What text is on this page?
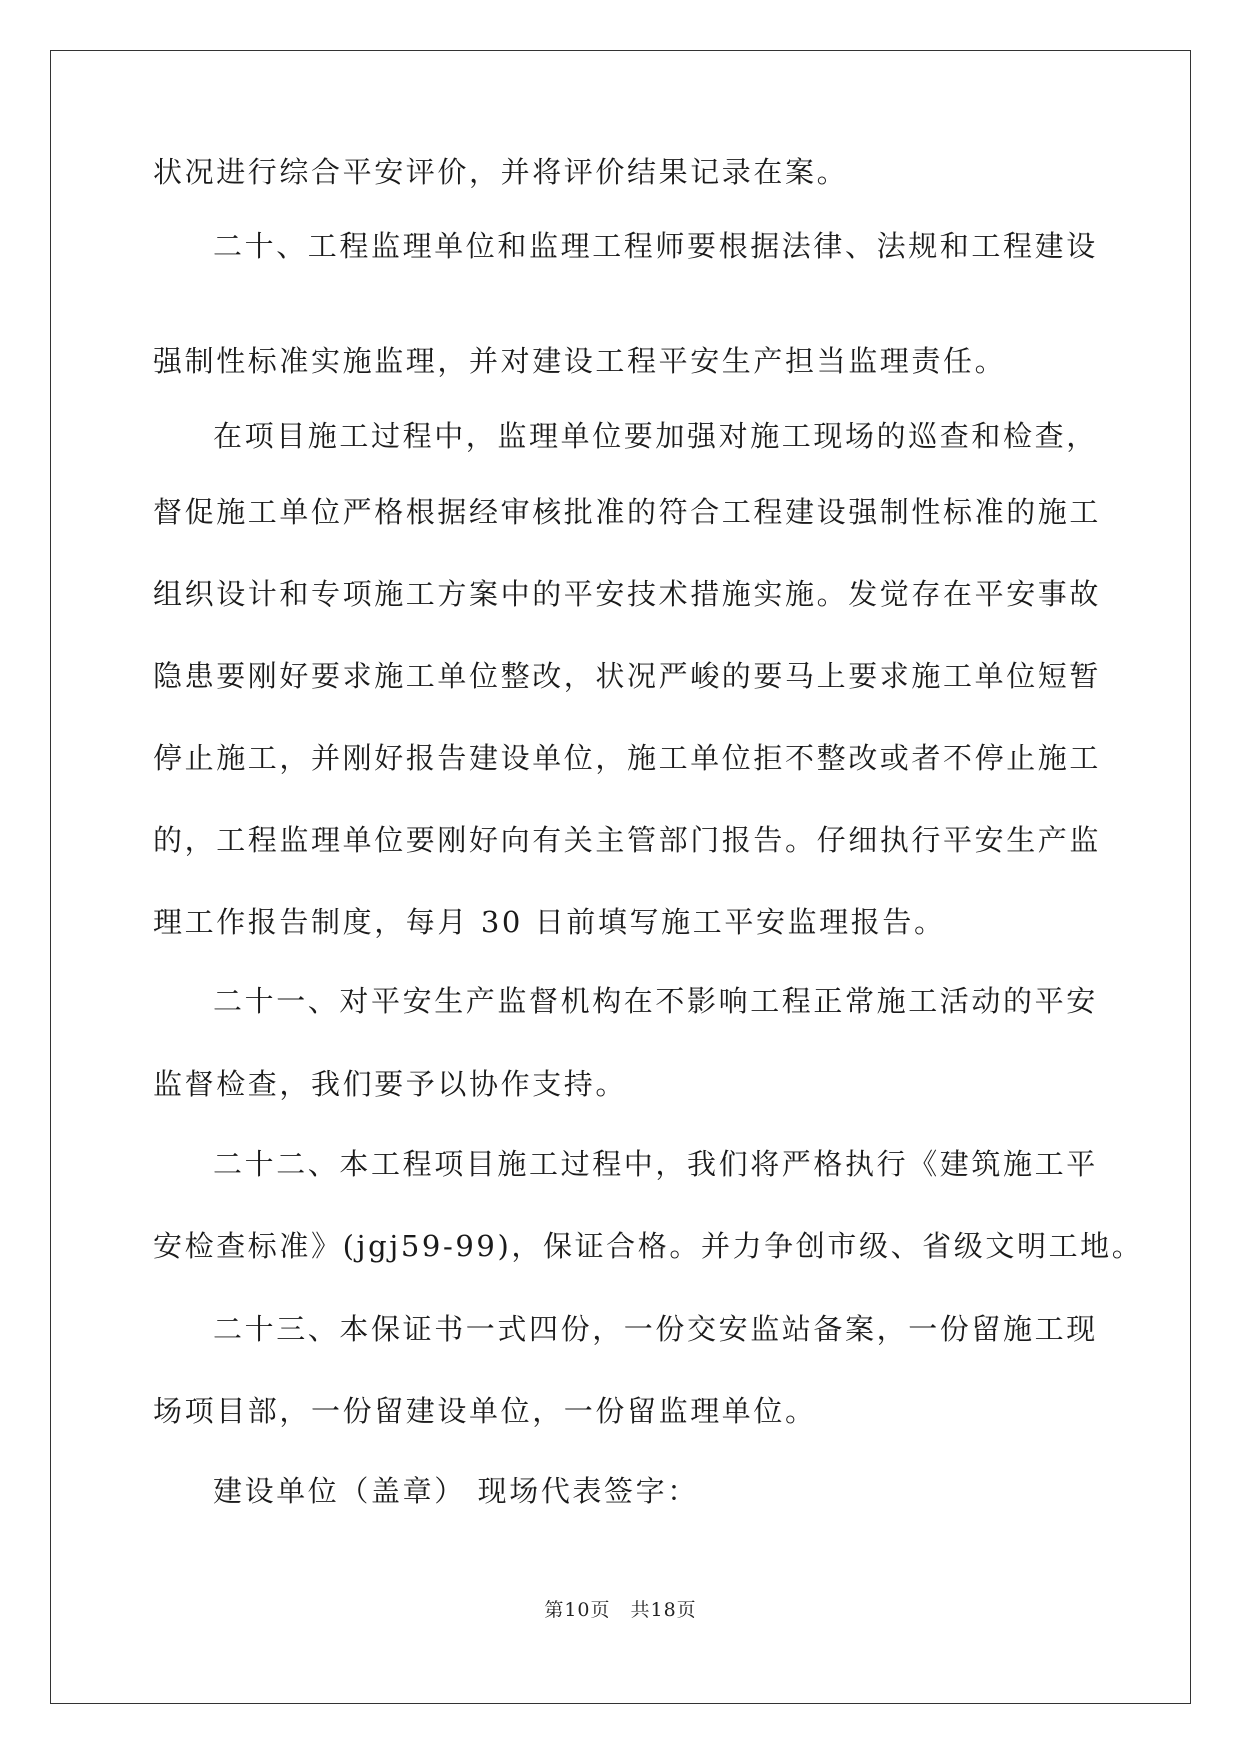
状况进行综合平安评价，并将评价结果记录在案。
二十、工程监理单位和监理工程师要根据法律、法规和工程建设
强制性标准实施监理，并对建设工程平安生产担当监理责任。
在项目施工过程中，监理单位要加强对施工现场的巡查和检查，
督促施工单位严格根据经审核批准的符合工程建设强制性标准的施工
组织设计和专项施工方案中的平安技术措施实施。发觉存在平安事故
隐患要刚好要求施工单位整改，状况严峻的要马上要求施工单位短暂
停止施工，并刚好报告建设单位，施工单位拒不整改或者不停止施工
的，工程监理单位要刚好向有关主管部门报告。仔细执行平安生产监
理工作报告制度，每月 30 日前填写施工平安监理报告。
二十一、对平安生产监督机构在不影响工程正常施工活动的平安
监督检查，我们要予以协作支持。
二十二、本工程项目施工过程中，我们将严格执行《建筑施工平
安检查标准》(jgj59-99)，保证合格。并力争创市级、省级文明工地。
二十三、本保证书一式四份，一份交安监站备案，一份留施工现
场项目部，一份留建设单位，一份留监理单位。
建设单位（盖章） 现场代表签字：
第10页　共18页
